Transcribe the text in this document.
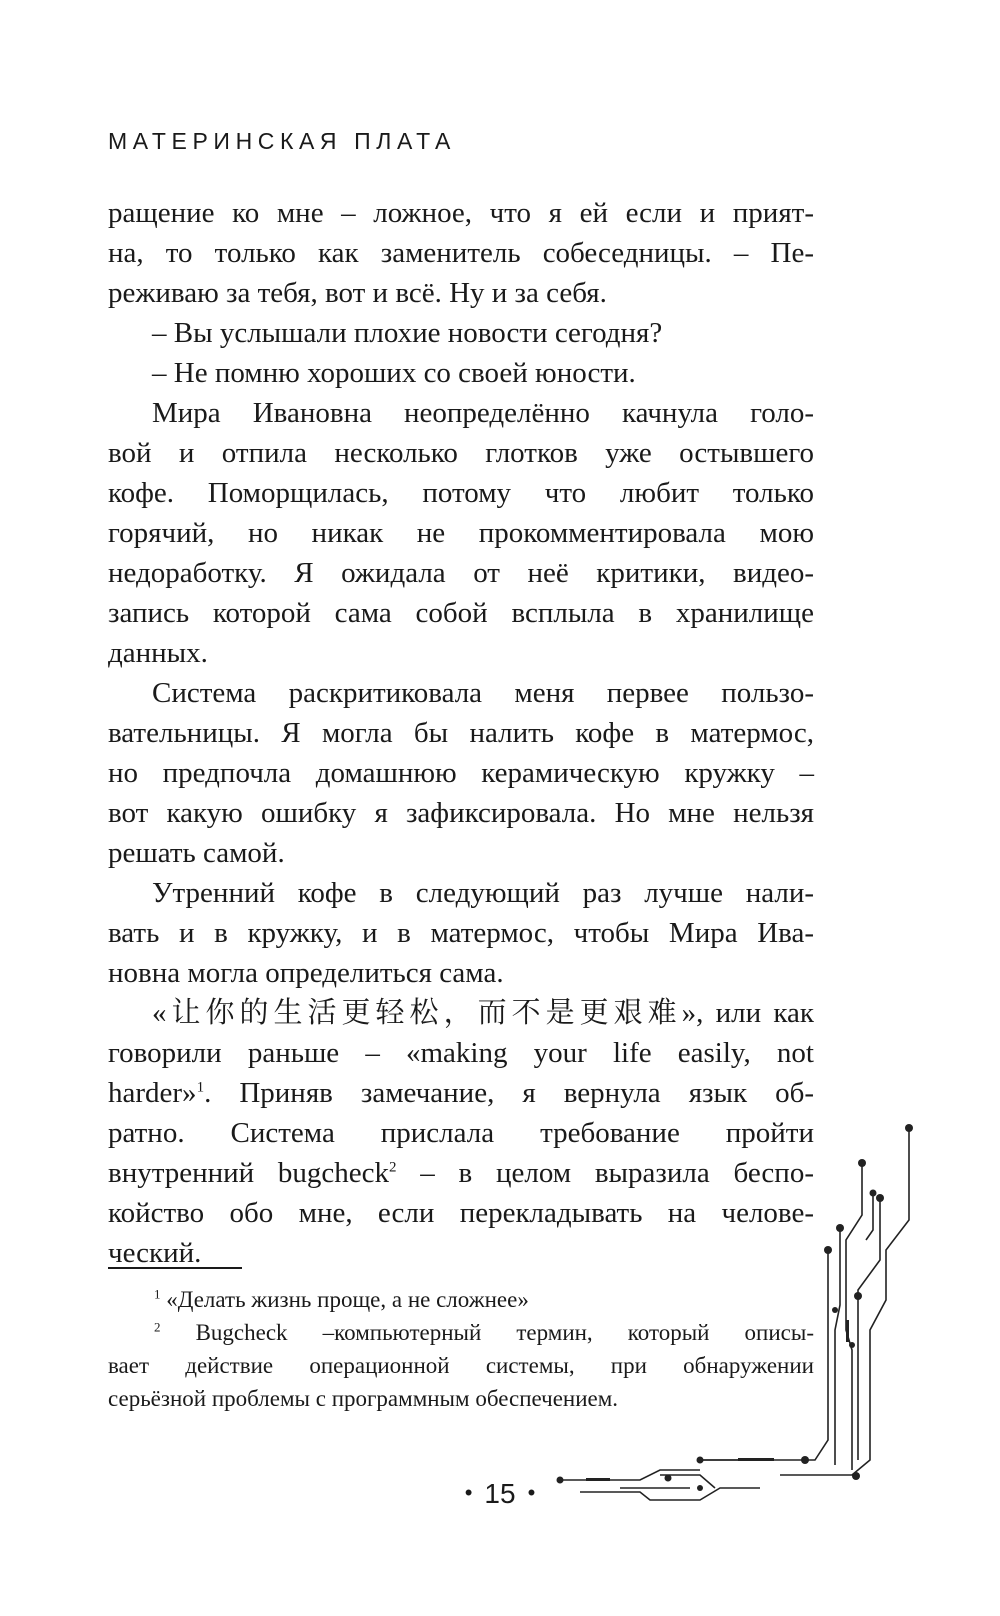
МАТЕРИНСКАЯ ПЛАТА
ращение ко мне – ложное, что я ей если и прият-
на, то только как заменитель собеседницы. – Пе-
реживаю за тебя, вот и всё. Ну и за себя.
– Вы услышали плохие новости сегодня?
– Не помню хороших со своей юности.
Мира Ивановна неопределённо качнула голо-
вой и отпила несколько глотков уже остывшего
кофе. Поморщилась, потому что любит только
горячий, но никак не прокомментировала мою
недоработку. Я ожидала от неё критики, видео-
запись которой сама собой всплыла в хранилище
данных.
Система раскритиковала меня первее пользо-
вательницы. Я могла бы налить кофе в матермос,
но предпочла домашнюю керамическую кружку –
вот какую ошибку я зафиксировала. Но мне нельзя
решать самой.
Утренний кофе в следующий раз лучше нали-
вать и в кружку, и в матермос, чтобы Мира Ива-
новна могла определиться сама.
«让你的生活更轻松，而不是更艰难», или как
говорили раньше – «making your life easily, not
harder»$^1$. Приняв замечание, я вернула язык об-
ратно. Система прислала требование пройти
внутренний bugcheck$^2$ – в целом выразила беспо-
койство обо мне, если перекладывать на челове-
ческий.
$^1$ «Делать жизнь проще, а не сложнее»
$^2$ Bugcheck –компьютерный термин, который описы-
вает действие операционной системы, при обнаружении
серьёзной проблемы с программным обеспечением.
• 15 •
